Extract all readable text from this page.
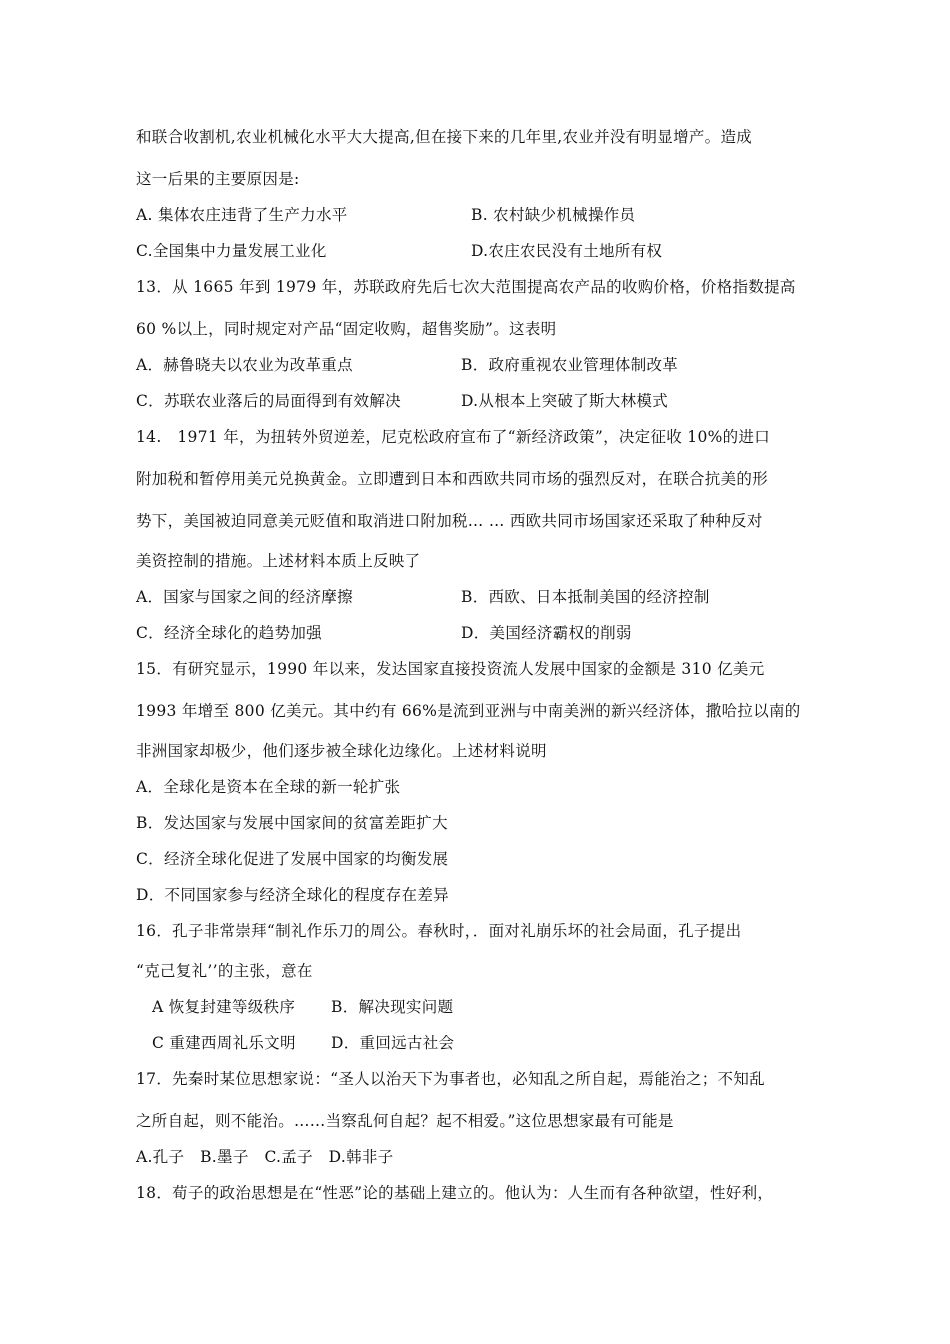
和联合收割机,农业机械化水平大大提高,但在接下来的几年里,农业并没有明显增产。造成
这一后果的主要原因是:
A. 集体农庄违背了生产力水平	B. 农村缺少机械操作员
C.全国集中力量发展工业化	D.农庄农民没有土地所有权
13．从 1665 年到 1979 年，苏联政府先后七次大范围提高农产品的收购价格，价格指数提高
60 %以上，同时规定对产品“固定收购，超售奖励”。这表明
A．赫鲁晓夫以农业为改革重点	B．政府重视农业管理体制改革
C．苏联农业落后的局面得到有效解决	D.从根本上突破了斯大林模式
14.　1971 年，为扭转外贸逆差，尼克松政府宣布了“新经济政策”，决定征收 10%的进口
附加税和暂停用美元兑换黄金。立即遭到日本和西欧共同市场的强烈反对，在联合抗美的形
势下，美国被迫同意美元贬值和取消进口附加税… … 西欧共同市场国家还采取了种种反对
美资控制的措施。上述材料本质上反映了
A．国家与国家之间的经济摩擦	B．西欧、日本抵制美国的经济控制
C．经济全球化的趋势加强	D．美国经济霸权的削弱
15．有研究显示，1990 年以来，发达国家直接投资流人发展中国家的金额是 310 亿美元
1993 年增至 800 亿美元。其中约有 66%是流到亚洲与中南美洲的新兴经济体，撒哈拉以南的
非洲国家却极少，他们逐步被全球化边缘化。上述材料说明
A．全球化是资本在全球的新一轮扩张
B．发达国家与发展中国家间的贫富差距扩大
C．经济全球化促进了发展中国家的均衡发展
D．不同国家参与经济全球化的程度存在差异
16．孔子非常崇拜“制礼作乐刀的周公。春秋时，．面对礼崩乐坏的社会局面，孔子提出
“克己复礼’’的主张，意在
A 恢复封建等级秩序 B．解决现实问题
C 重建西周礼乐文明 D．重回远古社会
17．先秦时某位思想家说：“圣人以治天下为事者也，必知乱之所自起，焉能治之；不知乱
之所自起，则不能治。……当察乱何自起？起不相爱。”这位思想家最有可能是
A.孔子　B.墨子　C.孟子　D.韩非子
18．荀子的政治思想是在“性恶”论的基础上建立的。他认为：人生而有各种欲望，性好利，
